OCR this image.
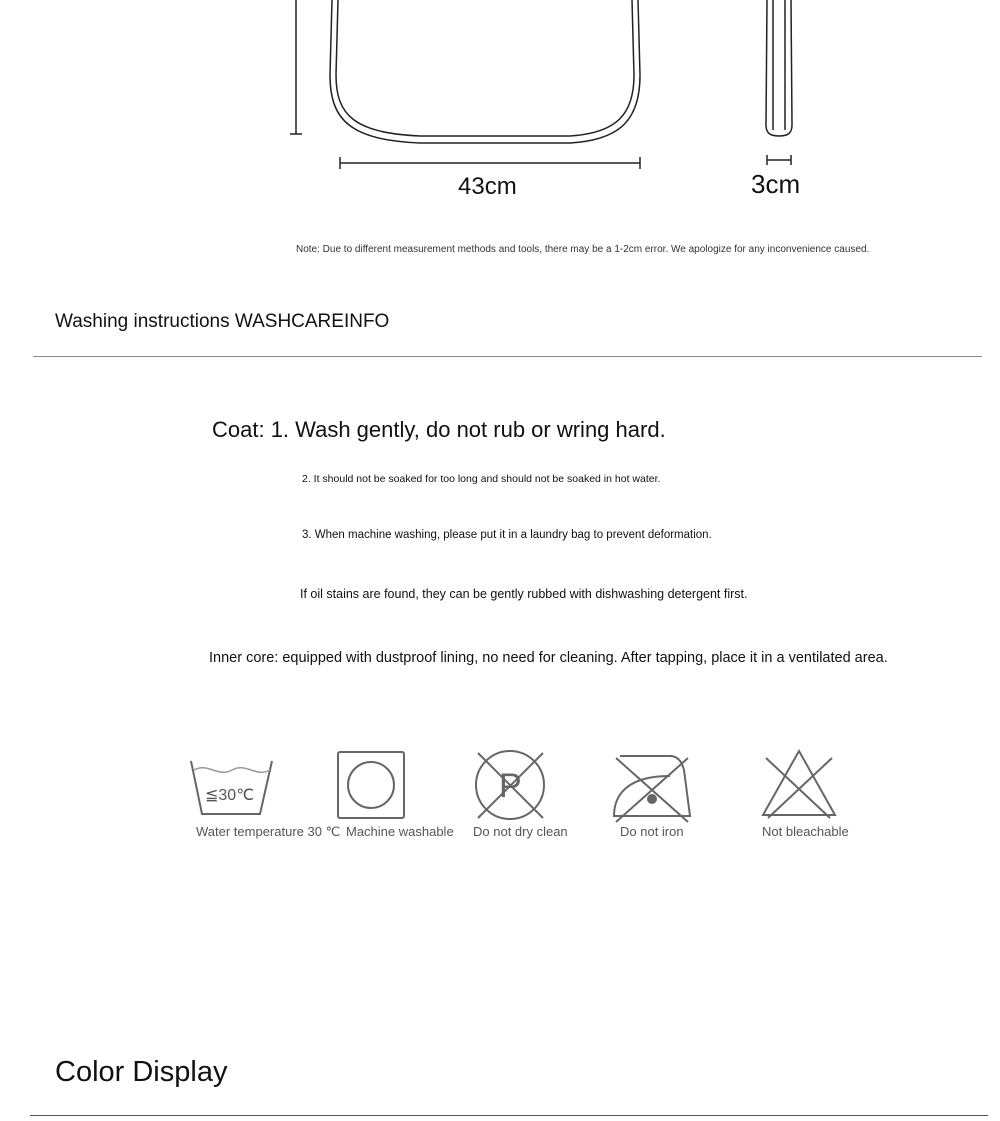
43cm	3cm
Note: Due to different measurement methods and tools, there may be a 1-2cm error. We apologize for any inconvenience caused.
Washing instructions WASHCAREINFO
Coat: 1. Wash gently, do not rub or wring hard.
2. It should not be soaked for too long and should not be soaked in hot water.
3. When machine washing, please put it in a laundry bag to prevent deformation.
If oil stains are found, they can be gently rubbed with dishwashing detergent first.
Inner core: equipped with dustproof lining, no need for cleaning. After tapping, place it in a ventilated area.
≦30℃	P
Water temperature 30 ℃ Machine washable	Do not dry clean	Do not iron	Not bleachable
Color Display
